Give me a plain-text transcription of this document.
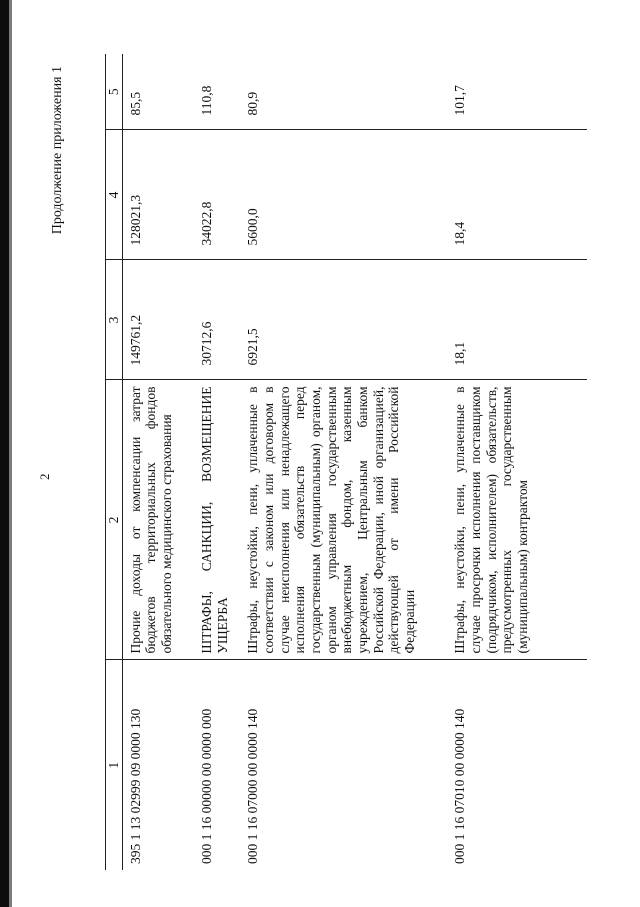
2
Продолжение приложения 1
1	2	3	4	5
395 1 13 02999 09 0000 130	Прочие доходы от компенсации затрат бюджетов территориальных фондов обязательного медицинского страхования	149761,2	128021,3	85,5
000 1 16 00000 00 0000 000	ШТРАФЫ, САНКЦИИ, ВОЗМЕЩЕНИЕ УЩЕРБА	30712,6	34022,8	110,8
000 1 16 07000 00 0000 140	Штрафы, неустойки, пени, уплаченные в соответствии с законом или договором в случае неисполнения или ненадлежащего исполнения обязательств перед государственным (муниципальным) органом, органом управления государственным внебюджетным фондом, казенным учреждением, Центральным банком Российской Федерации, иной организацией, действующей от имени Российской Федерации	6921,5	5600,0	80,9
000 1 16 07010 00 0000 140	Штрафы, неустойки, пени, уплаченные в случае просрочки исполнения поставщиком (подрядчиком, исполнителем) обязательств, предусмотренных государственным (муниципальным) контрактом	18,1	18,4	101,7
